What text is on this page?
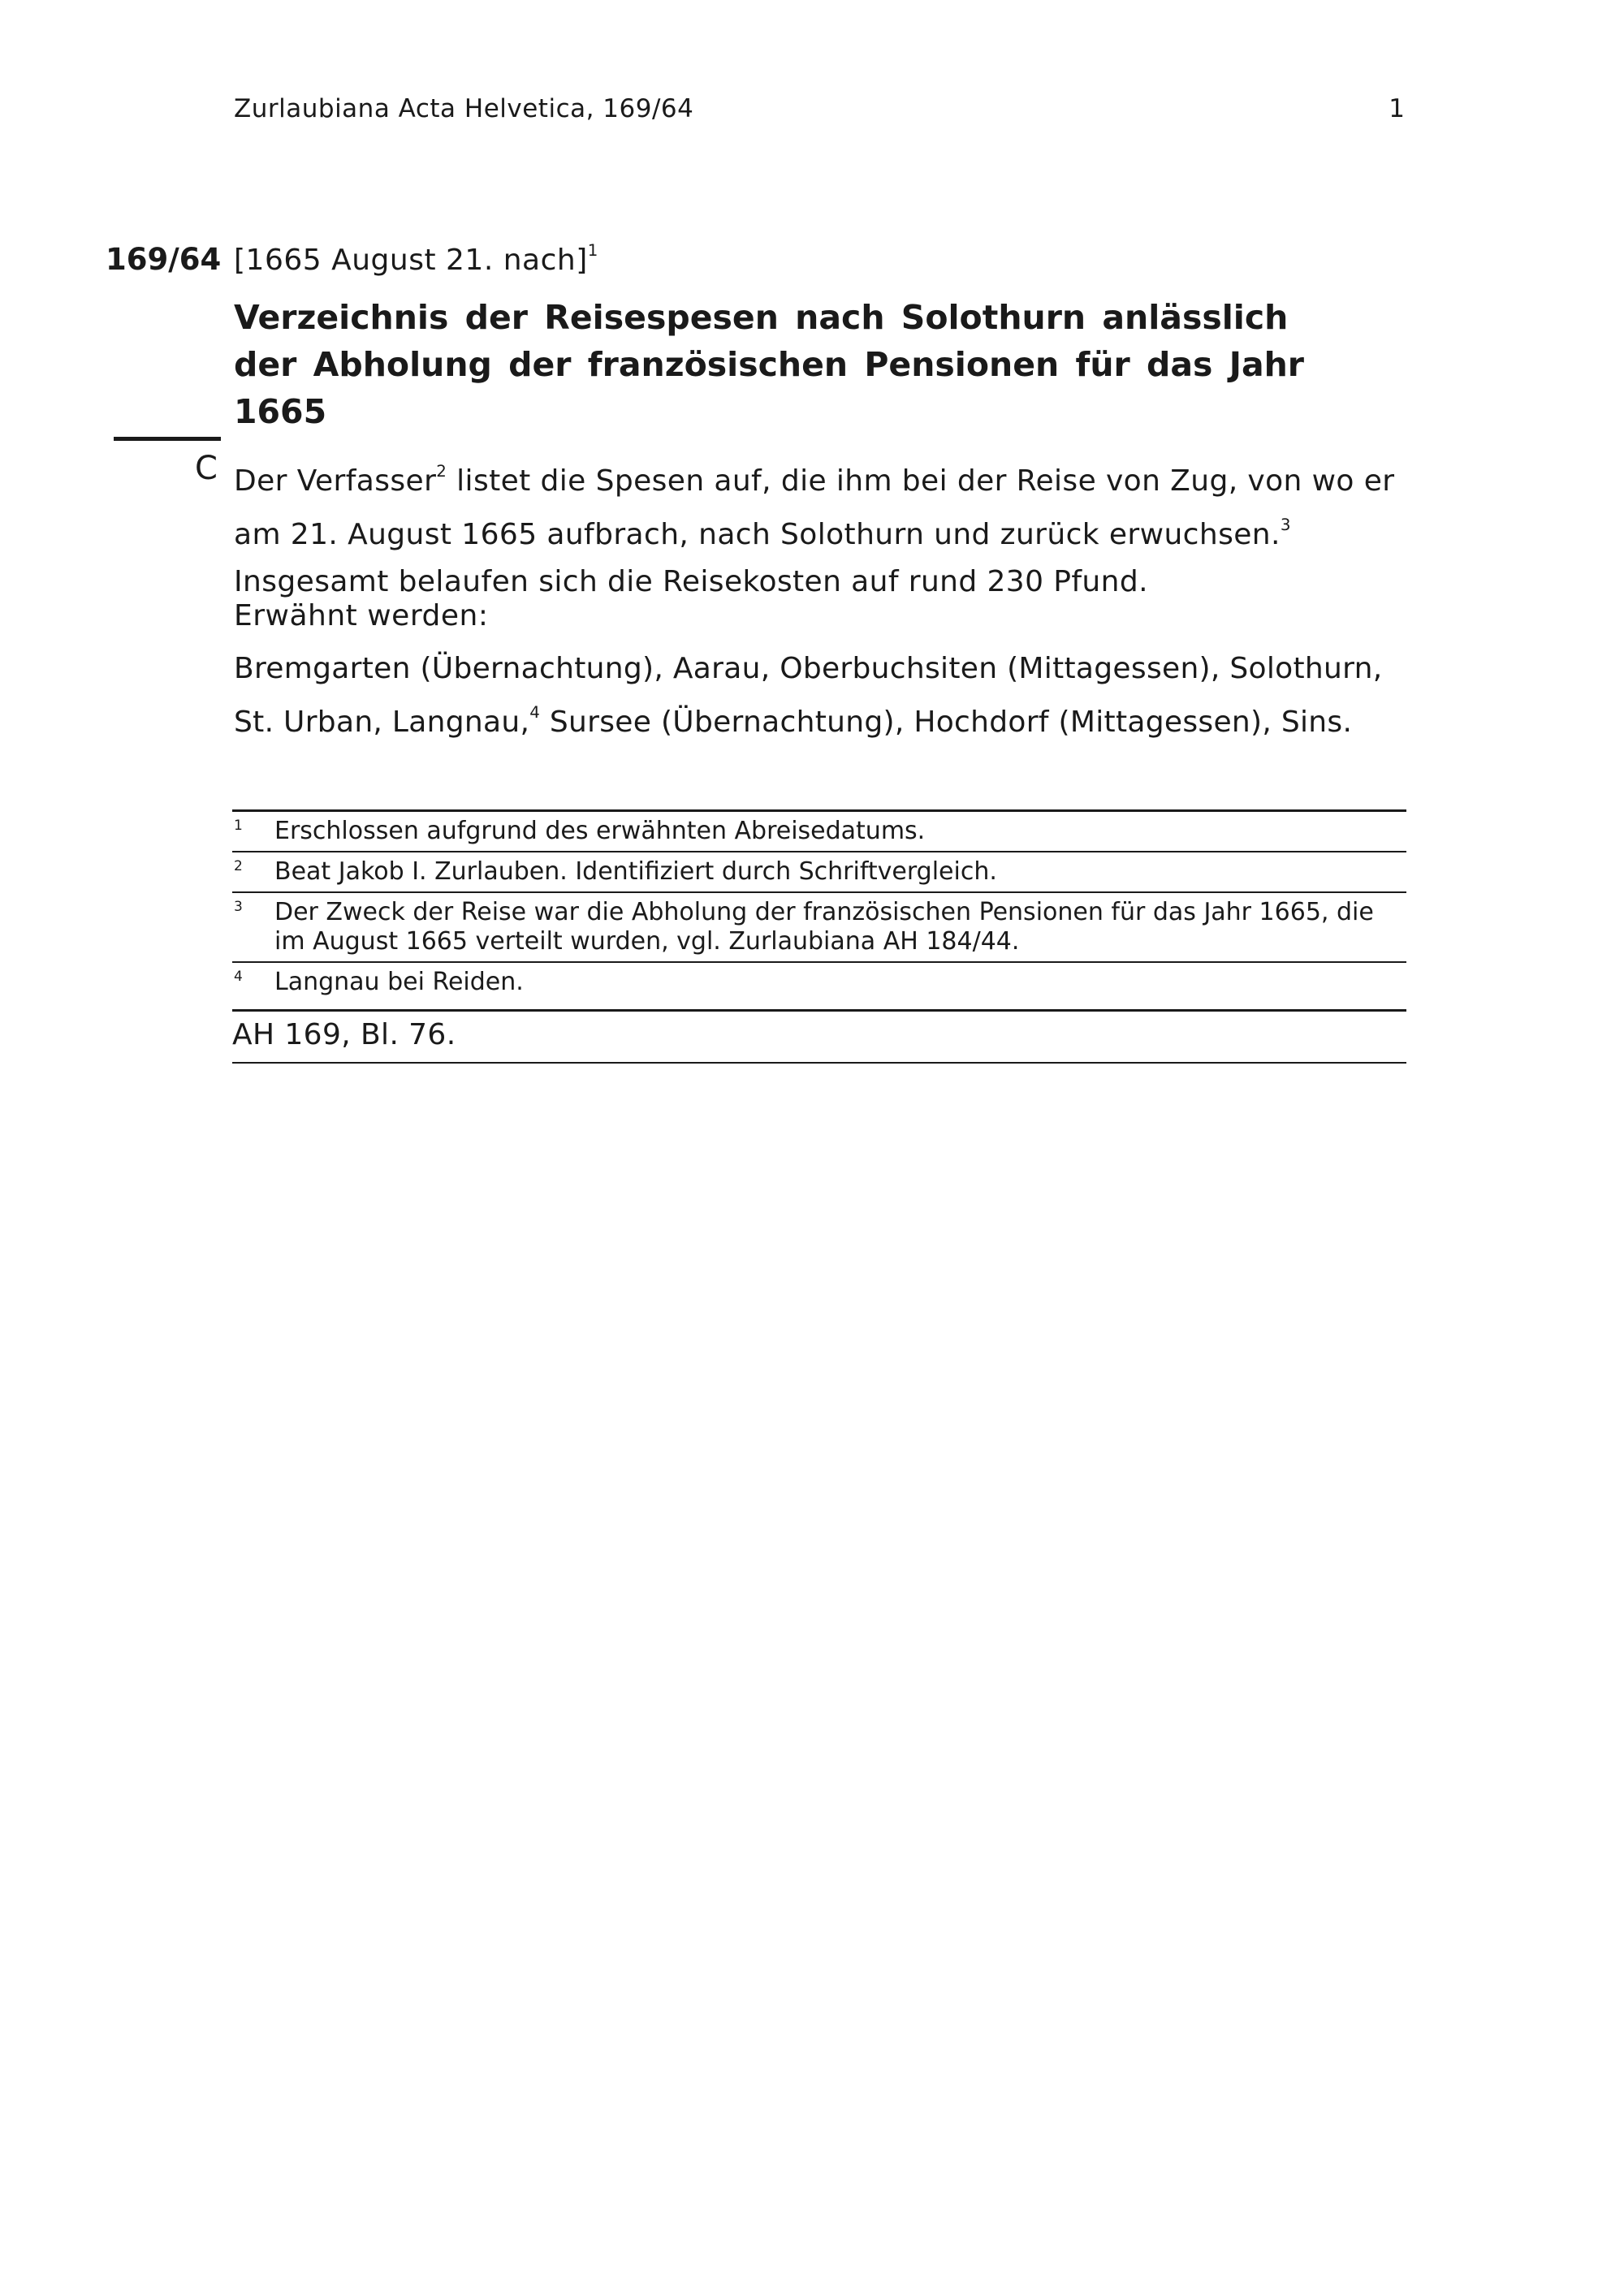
Zurlaubiana Acta Helvetica, 169/64	1
169/64 [1665 August 21. nach]$^1$
Verzeichnis der Reisespesen nach Solothurn anlässlich der Abholung der französischen Pensionen für das Jahr 1665
C Der Verfasser$^2$ listet die Spesen auf, die ihm bei der Reise von Zug, von wo er am 21. August 1665 aufbrach, nach Solothurn und zurück erwuchsen.$^3$

Insgesamt belaufen sich die Reisekosten auf rund 230 Pfund.

Erwähnt werden:
Bremgarten (Übernachtung), Aarau, Oberbuchsiten (Mittagessen), Solothurn, St. Urban, Langnau,$^4$ Sursee (Übernachtung), Hochdorf (Mittagessen), Sins.
1	Erschlossen aufgrund des erwähnten Abreisedatums.
2	Beat Jakob I. Zurlauben. Identifiziert durch Schriftvergleich.
3	Der Zweck der Reise war die Abholung der französischen Pensionen für das Jahr 1665, die im August 1665 verteilt wurden, vgl. Zurlaubiana AH 184/44.
4	Langnau bei Reiden.
AH 169, Bl. 76.
